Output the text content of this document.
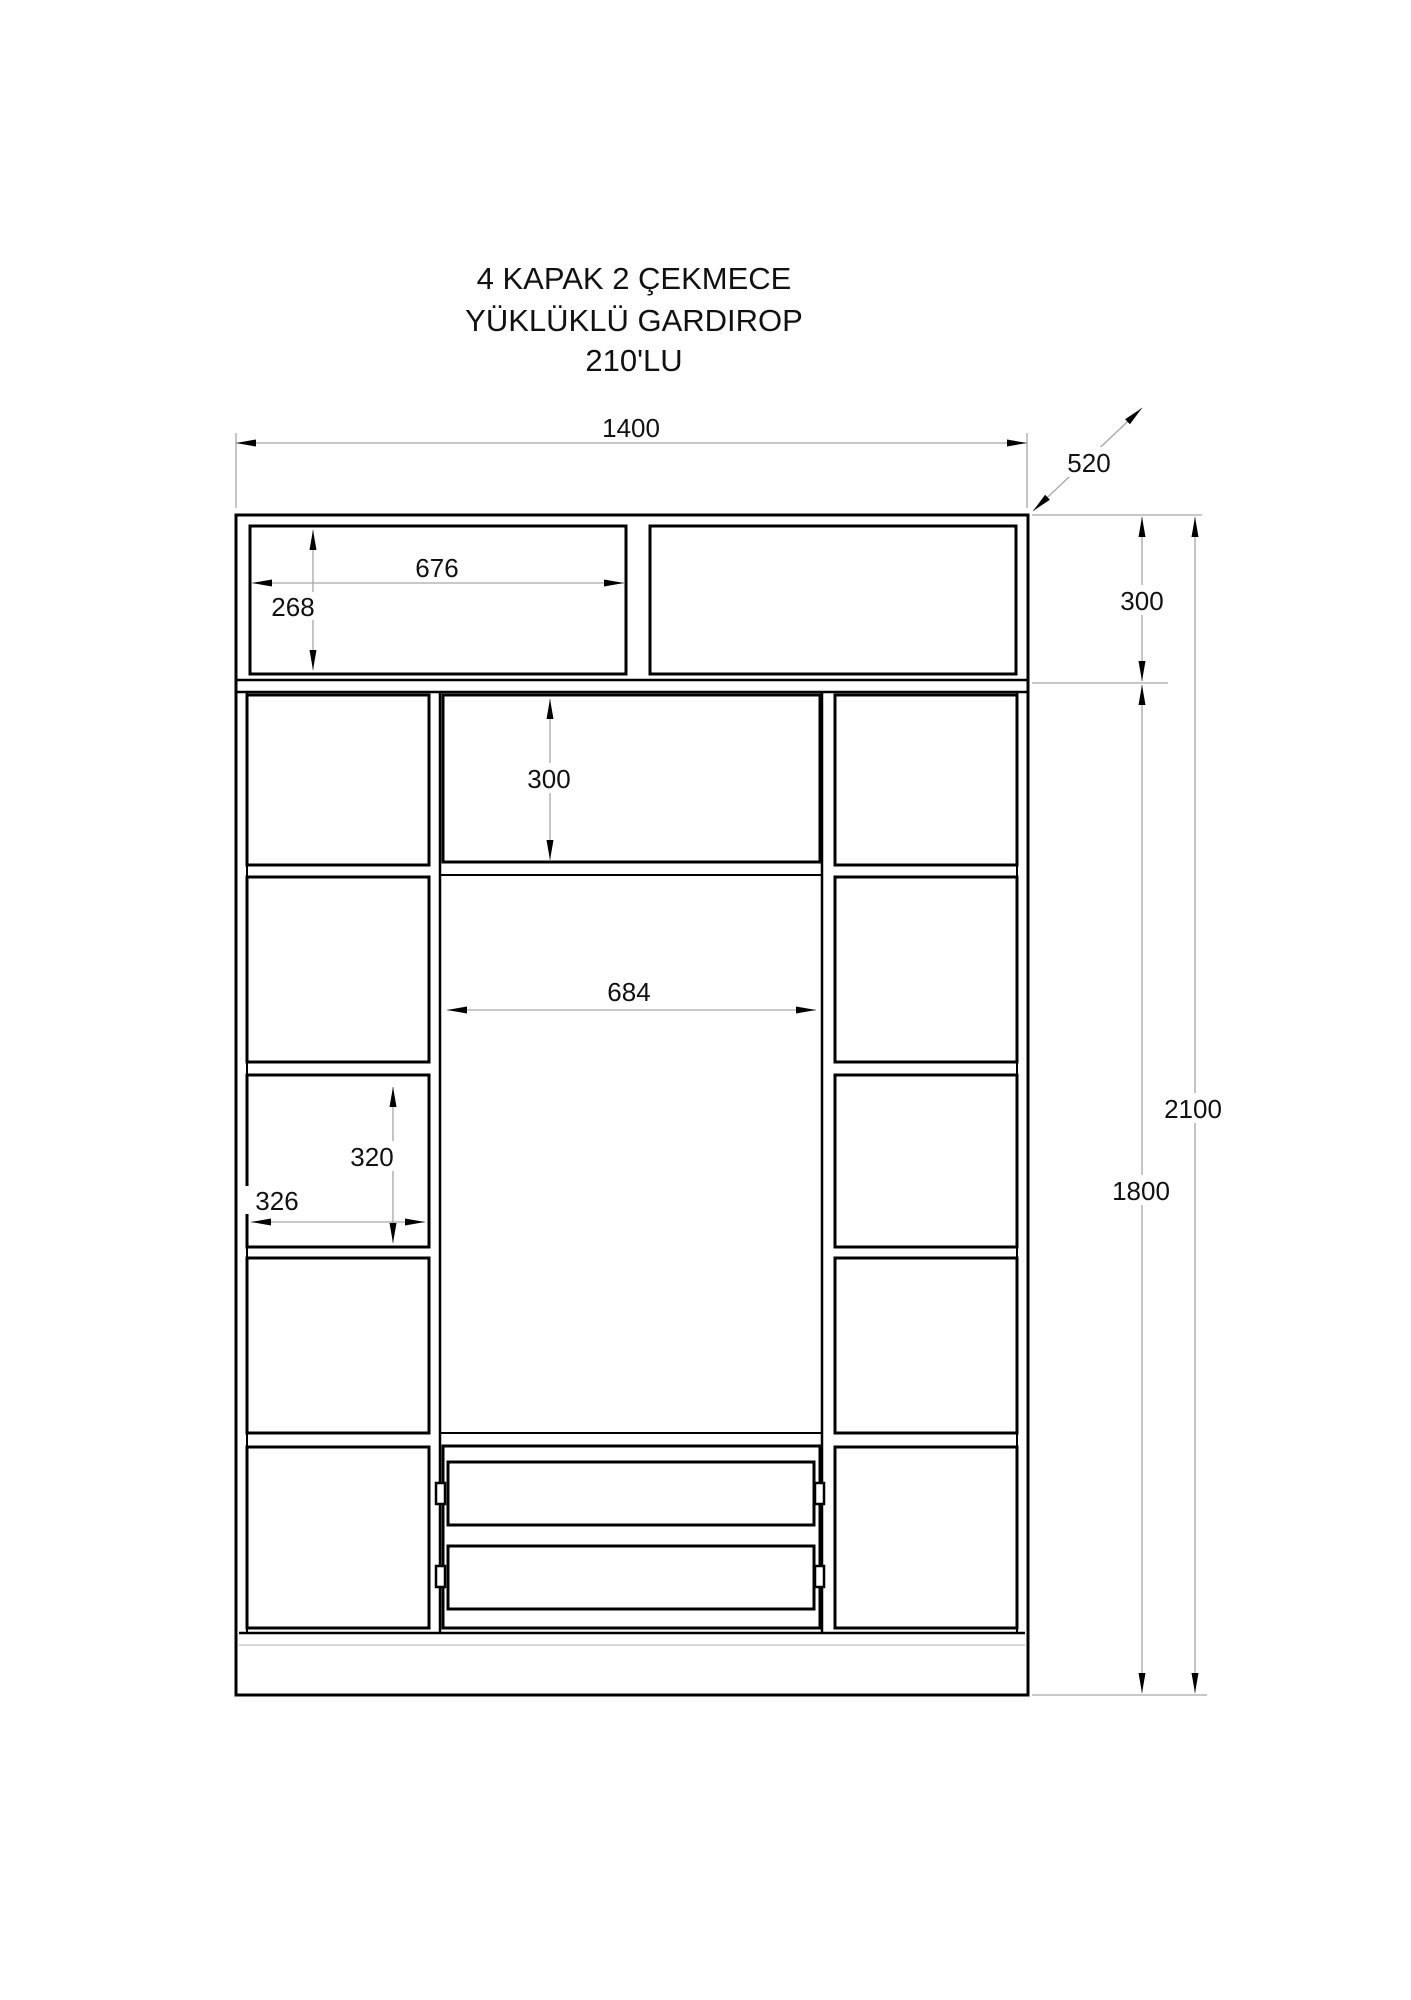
4 KAPAK 2 ÇEKMECE
YÜKLÜKLÜ GARDIROP
210'LU
1400
520
300
2100
1800
676
268
300
684
320
326
